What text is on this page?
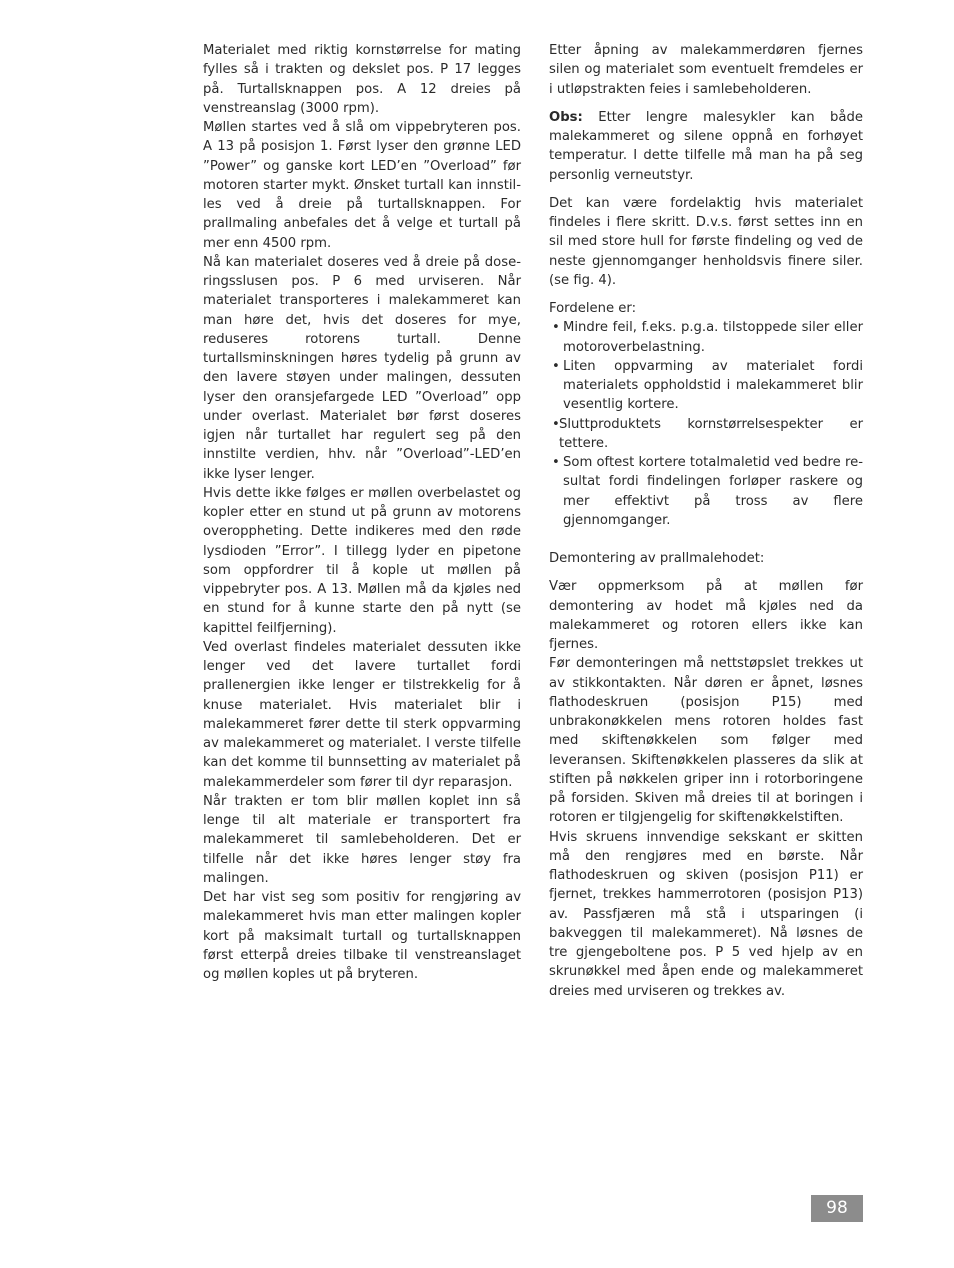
Materialet med riktig kornstørrelse for mating fylles så i trakten og dekslet pos. P 17 legges på. Turtallsknappen pos. A 12 dreies på venstreanslag (3000 rpm).

Møllen startes ved å slå om vippebryteren pos. A 13 på posisjon 1. Først lyser den grønne LED ”Power” og ganske kort LED’en ”Overload” før motoren starter mykt. Ønsket turtall kan innstilles ved å dreie på turtallsknappen. For prallmaling anbefales det å velge et turtall på mer enn 4500 rpm.

Nå kan materialet doseres ved å dreie på doseringsslusen pos. P 6 med urviseren. Når materialet transporteres i malekammeret kan man høre det, hvis det doseres for mye, reduseres rotorens turtall. Denne turtallsminskningen høres tydelig på grunn av den lavere støyen under malingen, dessuten lyser den oransjefargede LED ”Overload” opp under overlast. Materialet bør først doseres igjen når turtallet har regulert seg på den innstilte verdien, hhv. når ”Overload”-LED’en ikke lyser lenger.

Hvis dette ikke følges er møllen overbelastet og kopler etter en stund ut på grunn av motorens overoppheting. Dette indikeres med den røde lysdioden ”Error”. I tillegg lyder en pipetone som oppfordrer til å kople ut møllen på vippebryter pos. A 13. Møllen må da kjøles ned en stund for å kunne starte den på nytt (se kapittel feilfjerning).

Ved overlast findeles materialet dessuten ikke lenger ved det lavere turtallet fordi prallenergien ikke lenger er tilstrekkelig for å knuse materialet. Hvis materialet blir i malekammeret fører dette til sterk oppvarming av malekammeret og materialet. I verste tilfelle kan det komme til bunnsetting av materialet på malekammerdeler som fører til dyr reparasjon.

Når trakten er tom blir møllen koplet inn så lenge til alt materiale er transportert fra malekammeret til samlebeholderen. Det er tilfelle når det ikke høres lenger støy fra malingen.

Det har vist seg som positiv for rengjøring av malekammeret hvis man etter malingen kopler kort på maksimalt turtall og turtallsknappen først etterpå dreies tilbake til venstreanslaget og møllen koples ut på bryteren.

Etter åpning av malekammerdøren fjernes silen og materialet som eventuelt fremdeles er i utløpstrakten feies i samlebeholderen.

Obs: Etter lengre malesykler kan både malekammeret og silene oppnå en forhøyet temperatur. I dette tilfelle må man ha på seg personlig verneutstyr.

Det kan være fordelaktig hvis materialet findeles i flere skritt. D.v.s. først settes inn en sil med store hull for første findeling og ved de neste gjennomganger henholdsvis finere siler. (se fig. 4).

Fordelene er:

• Mindre feil, f.eks. p.g.a. tilstoppede siler eller motoroverbelastning.
• Liten oppvarming av materialet fordi materialets oppholdstid i malekammeret blir vesentlig kortere.
• Sluttproduktets kornstørrelsespekter er tettere.
• Som oftest kortere totalmaletid ved bedre resultat fordi findelingen forløper raskere og mer effektivt på tross av flere gjennomganger.

Demontering av prallmalehodet:

Vær oppmerksom på at møllen før demontering av hodet må kjøles ned da malekammeret og rotoren ellers ikke kan fjernes.

Før demonteringen må nettstøpslet trekkes ut av stikkontakten. Når døren er åpnet, løsnes flathodeskruen (posisjon P15) med unbrakonøkkelen mens rotoren holdes fast med skiftenøkkelen som følger med leveransen. Skiftenøkkelen plasseres da slik at stiften på nøkkelen griper inn i rotorboringene på forsiden. Skiven må dreies til at boringen i rotoren er tilgjengelig for skiftenøkkelstiften.

Hvis skruens innvendige sekskant er skitten må den rengjøres med en børste. Når flathodeskruen og skiven (posisjon P11) er fjernet, trekkes hammerrotoren (posisjon P13) av. Passfjæren må stå i utsparingen (i bakveggen til malekammeret). Nå løsnes de tre gjengeboltene pos. P 5 ved hjelp av en skrunøkkel med åpen ende og malekammeret dreies med urviseren og trekkes av.

98
